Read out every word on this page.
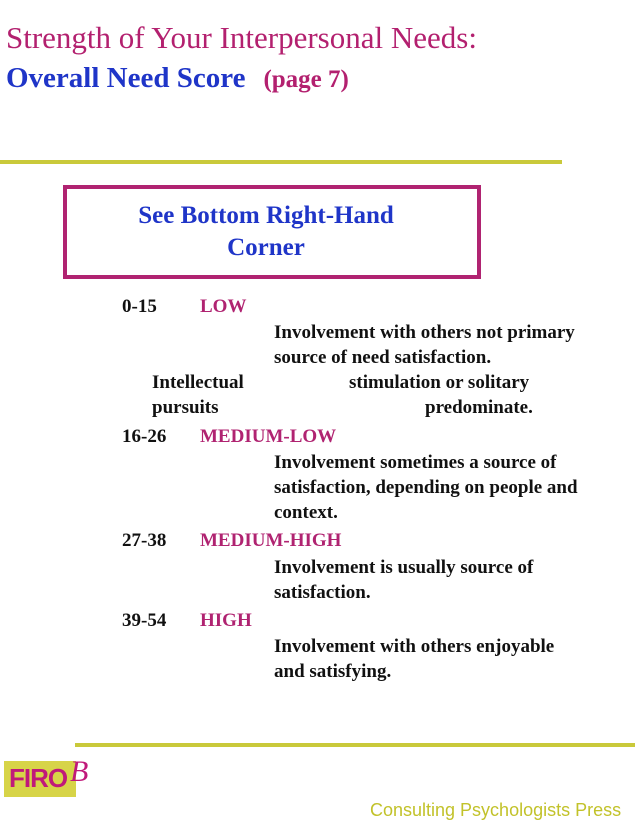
Strength of Your Interpersonal Needs:
Overall Need Score (page 7)
See Bottom Right-Hand
Corner
0-15 LOW
Involvement with others not primary
source of need satisfaction.
Intellectual	stimulation or solitary
pursuits	predominate.
16-26 MEDIUM-LOW
Involvement sometimes a source of
satisfaction, depending on people and
context.
27-38 MEDIUM-HIGH
Involvement is usually source of
satisfaction.
39-54 HIGH
Involvement with others enjoyable
and satisfying.
FIRO B
Consulting Psychologists Press
